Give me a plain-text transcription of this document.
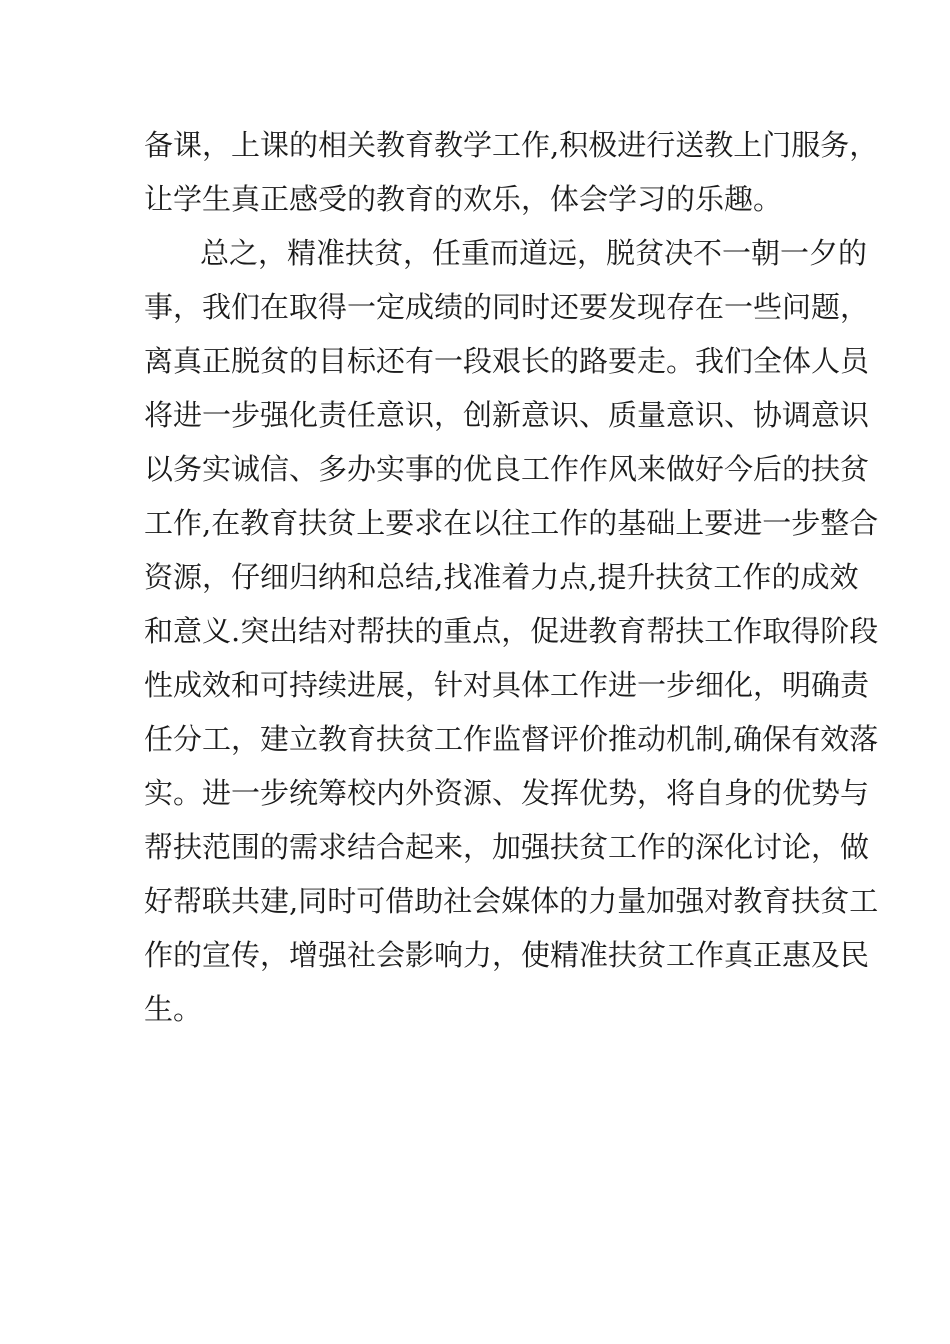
备课，上课的相关教育教学工作,积极进行送教上门服务，
让学生真正感受的教育的欢乐，体会学习的乐趣。
总之，精准扶贫，任重而道远，脱贫决不一朝一夕的
事，我们在取得一定成绩的同时还要发现存在一些问题，
离真正脱贫的目标还有一段艰长的路要走。我们全体人员
将进一步强化责任意识，创新意识、质量意识、协调意识
以务实诚信、多办实事的优良工作作风来做好今后的扶贫
工作,在教育扶贫上要求在以往工作的基础上要进一步整合
资源，仔细归纳和总结,找准着力点,提升扶贫工作的成效
和意义.突出结对帮扶的重点，促进教育帮扶工作取得阶段
性成效和可持续进展，针对具体工作进一步细化，明确责
任分工，建立教育扶贫工作监督评价推动机制,确保有效落
实。进一步统筹校内外资源、发挥优势，将自身的优势与
帮扶范围的需求结合起来，加强扶贫工作的深化讨论，做
好帮联共建,同时可借助社会媒体的力量加强对教育扶贫工
作的宣传，增强社会影响力，使精准扶贫工作真正惠及民
生。
